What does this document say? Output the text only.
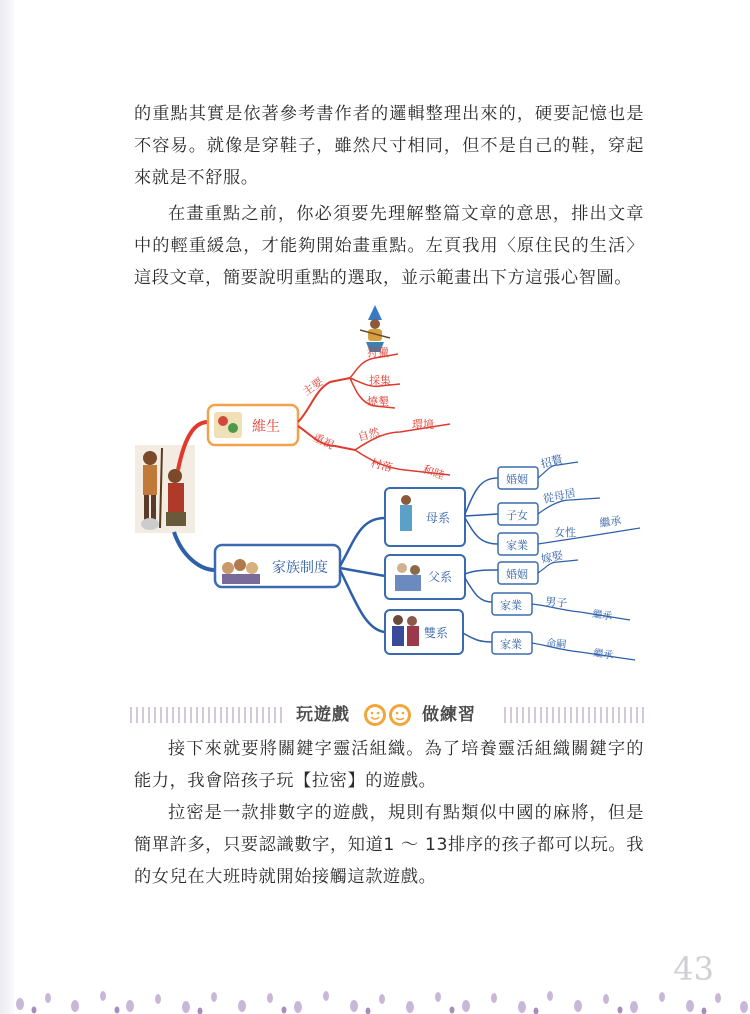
的重點其實是依著參考書作者的邏輯整理出來的，硬要記憶也是不容易。就像是穿鞋子，雖然尺寸相同，但不是自己的鞋，穿起來就是不舒服。

在畫重點之前，你必須要先理解整篇文章的意思，排出文章中的輕重緩急，才能夠開始畫重點。左頁我用〈原住民的生活〉這段文章，簡要說明重點的選取，並示範畫出下方這張心智圖。

維生
主要
狩獵
採集
燒墾
重視 自然
環境
村落 和睦
家族制度
母系
婚姻
招贅
子女
從母居
家業
女性
繼承
父系	婚姻
嫁娶
家業 男子
繼承
雙系
家業 命嗣
繼承
玩遊戲	做練習

接下來就要將關鍵字靈活組織。為了培養靈活組織關鍵字的能力，我會陪孩子玩【拉密】的遊戲。

拉密是一款排數字的遊戲，規則有點類似中國的麻將，但是簡單許多，只要認識數字，知道1 ～ 13排序的孩子都可以玩。我的女兒在大班時就開始接觸這款遊戲。

43
